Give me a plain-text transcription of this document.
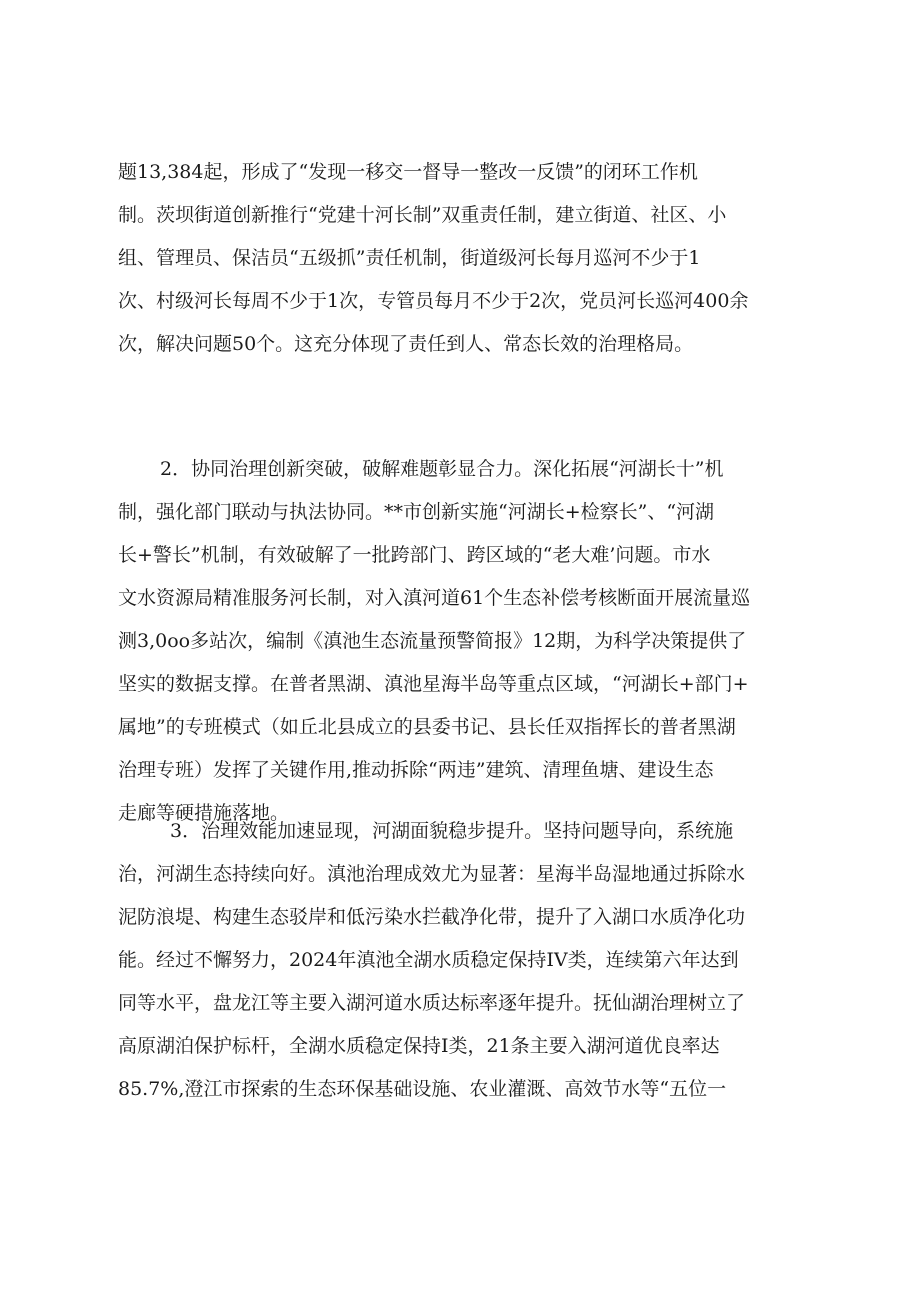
题13,384起，形成了“发现一移交一督导一整改一反馈”的闭环工作机
制。茨坝街道创新推行“党建十河长制”双重责任制，建立街道、社区、小
组、管理员、保洁员“五级抓”责任机制，街道级河长每月巡河不少于1
次、村级河长每周不少于1次，专管员每月不少于2次，党员河长巡河400余
次，解决问题50个。这充分体现了责任到人、常态长效的治理格局。
2．协同治理创新突破，破解难题彰显合力。深化拓展“河湖长十”机
制，强化部门联动与执法协同。**市创新实施“河湖长+检察长”、“河湖
长+警长”机制，有效破解了一批跨部门、跨区域的“老大难’问题。市水
文水资源局精准服务河长制，对入滇河道61个生态补偿考核断面开展流量巡
测3,0oo多站次，编制《滇池生态流量预警简报》12期，为科学决策提供了
坚实的数据支撑。在普者黑湖、滇池星海半岛等重点区域，“河湖长+部门+
属地”的专班模式（如丘北县成立的县委书记、县长任双指挥长的普者黑湖
治理专班）发挥了关键作用,推动拆除“两违”建筑、清理鱼塘、建设生态
走廊等硬措施落地。
3．治理效能加速显现，河湖面貌稳步提升。坚持问题导向，系统施
治，河湖生态持续向好。滇池治理成效尤为显著：星海半岛湿地通过拆除水
泥防浪堤、构建生态驳岸和低污染水拦截净化带，提升了入湖口水质净化功
能。经过不懈努力，2024年滇池全湖水质稳定保持IV类，连续第六年达到
同等水平，盘龙江等主要入湖河道水质达标率逐年提升。抚仙湖治理树立了
高原湖泊保护标杆，全湖水质稳定保持I类，21条主要入湖河道优良率达
85.7%,澄江市探索的生态环保基础设施、农业灌溉、高效节水等“五位一
